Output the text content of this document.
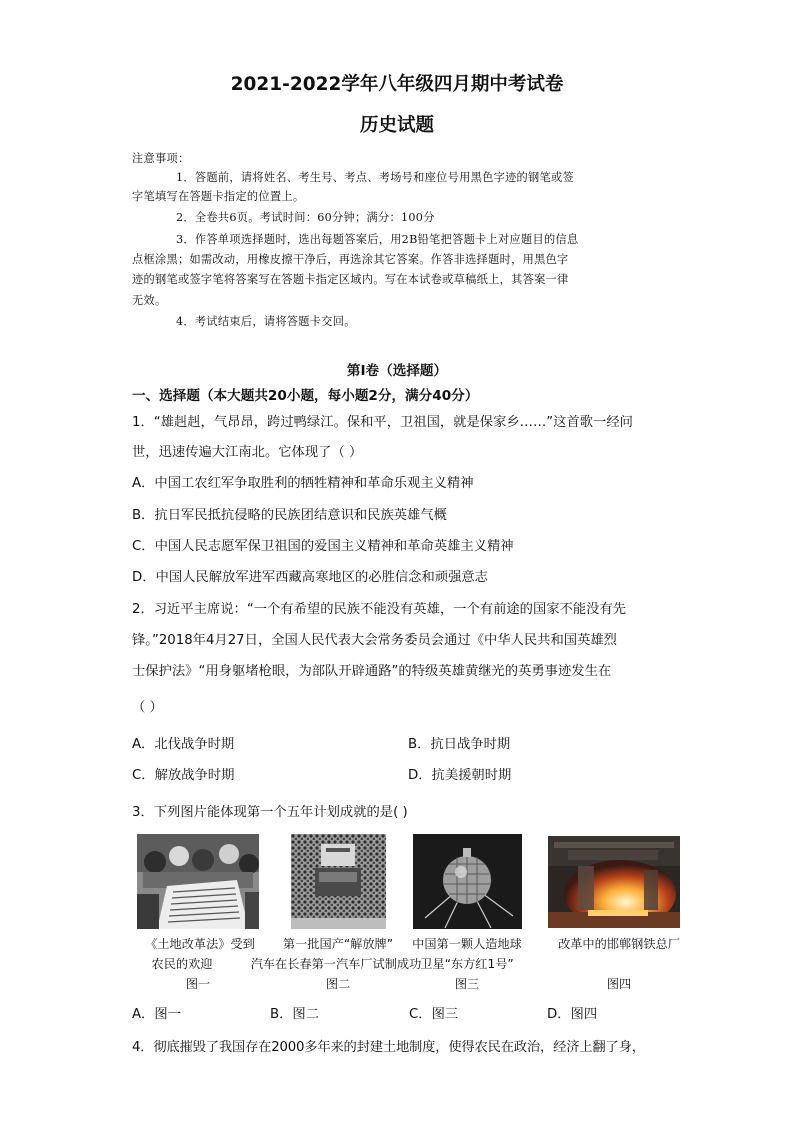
2021-2022学年八年级四月期中考试卷
历史试题
注意事项：
1．答题前，请将姓名、考生号、考点、考场号和座位号用黑色字迹的钢笔或签
字笔填写在答题卡指定的位置上。
2．全卷共6页。考试时间：60分钟；满分：100分
3．作答单项选择题时，选出每题答案后，用2B铅笔把答题卡上对应题目的信息
点框涂黑；如需改动，用橡皮擦干净后，再选涂其它答案。作答非选择题时，用黑色字
迹的钢笔或签字笔将答案写在答题卡指定区域内。写在本试卷或草稿纸上，其答案一律
无效。
4．考试结束后，请将答题卡交回。
第I卷（选择题）
一、选择题（本大题共20小题，每小题2分，满分40分）
1．“雄赳赳，气昂昂，跨过鸭绿江。保和平，卫祖国，就是保家乡……”这首歌一经问
世，迅速传遍大江南北。它体现了（ ）
A．中国工农红军争取胜利的牺牲精神和革命乐观主义精神
B．抗日军民抵抗侵略的民族团结意识和民族英雄气概
C．中国人民志愿军保卫祖国的爱国主义精神和革命英雄主义精神
D．中国人民解放军进军西藏高寒地区的必胜信念和顽强意志
2．习近平主席说：“一个有希望的民族不能没有英雄，一个有前途的国家不能没有先
锋。”2018年4月27日，全国人民代表大会常务委员会通过《中华人民共和国英雄烈
士保护法》“用身躯堵枪眼，为部队开辟通路”的特级英雄黄继光的英勇事迹发生在
（ ）
A．北伐战争时期	B．抗日战争时期
C．解放战争时期	D．抗美援朝时期
3．下列图片能体现第一个五年计划成就的是( )
《土地改革法》受到
农民的欢迎
图一
第一批国产“解放牌”
汽车在长春第一汽车厂试制成功
图二
中国第一颗人造地球
卫星“东方红1号”
图三
改革中的邯郸钢铁总厂
图四
A．图一	B．图二	C．图三	D．图四
4．彻底摧毁了我国存在2000多年来的封建土地制度，使得农民在政治，经济上翻了身，
